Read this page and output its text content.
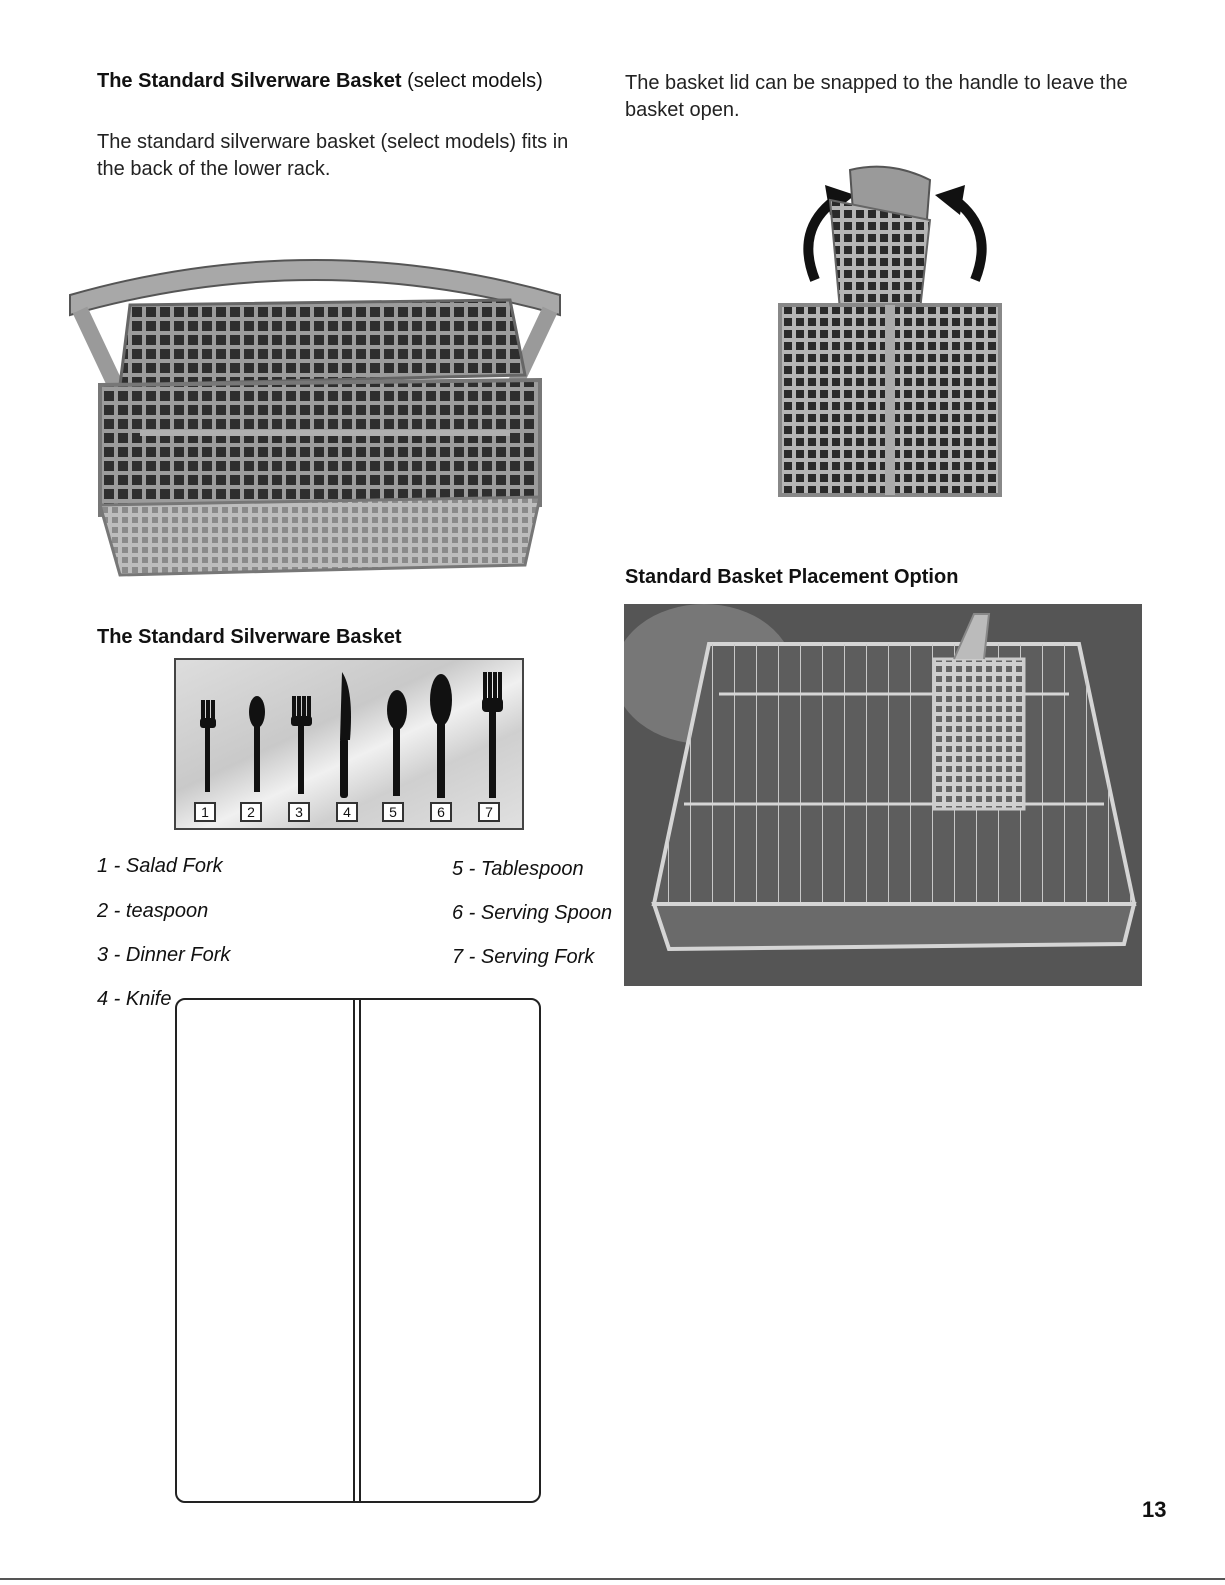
The Standard Silverware Basket (select models)
The standard silverware basket (select models) fits in the back of the lower rack.
The Standard Silverware Basket
1	2	3	4	5	6	7
1 - Salad Fork
2 - teaspoon
3 - Dinner Fork
4 - Knife
5 - Tablespoon
6 - Serving Spoon
7 - Serving Fork
The basket lid can be snapped to the handle to leave the basket open.
Standard Basket Placement Option
13
